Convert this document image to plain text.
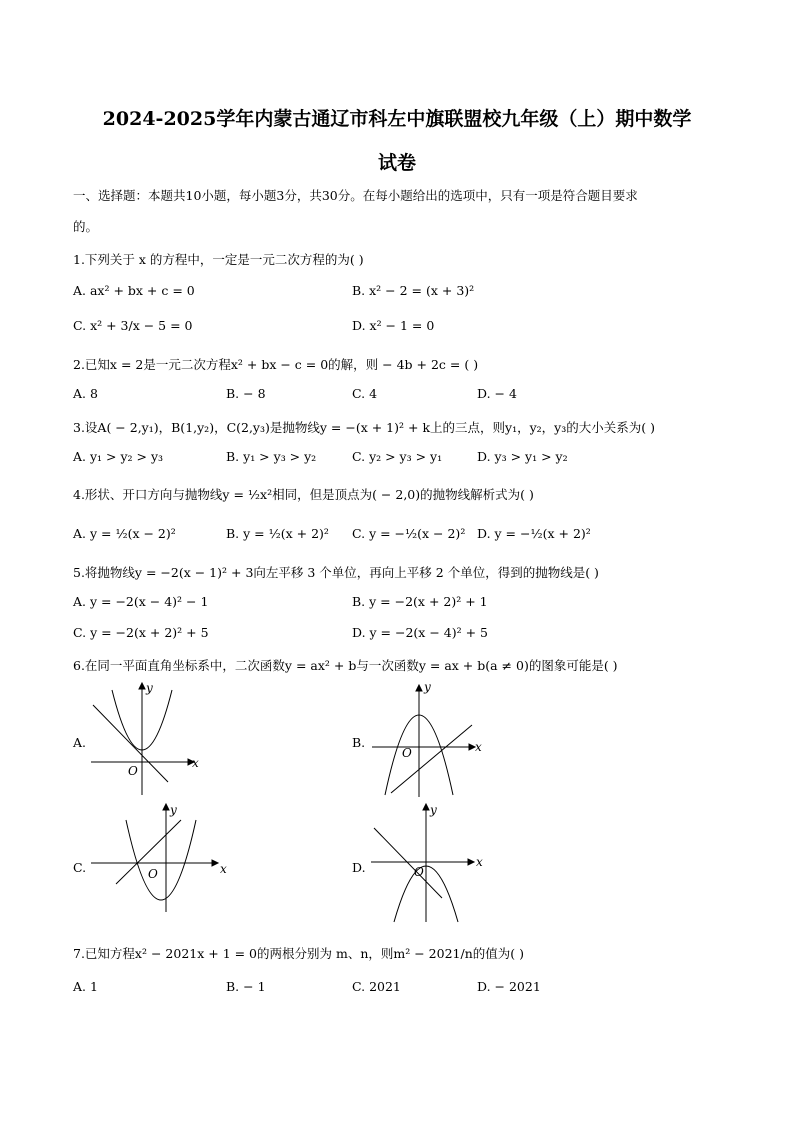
2024-2025学年内蒙古通辽市科左中旗联盟校九年级（上）期中数学
试卷
一、选择题：本题共10小题，每小题3分，共30分。在每小题给出的选项中，只有一项是符合题目要求
的。
1.下列关于 x 的方程中，一定是一元二次方程的为( )
A. ax² + bx + c = 0	B. x² − 2 = (x + 3)²
C. x² + 3/x − 5 = 0	D. x² − 1 = 0
2.已知x = 2是一元二次方程x² + bx − c = 0的解，则 − 4b + 2c = ( )
A. 8	B. − 8	C. 4	D. − 4
3.设A( − 2,y₁)，B(1,y₂)，C(2,y₃)是抛物线y = −(x + 1)² + k上的三点，则y₁，y₂，y₃的大小关系为( )
A. y₁ > y₂ > y₃	B. y₁ > y₃ > y₂	C. y₂ > y₃ > y₁	D. y₃ > y₁ > y₂
4.形状、开口方向与抛物线y = ½x²相同，但是顶点为( − 2,0)的抛物线解析式为( )
A. y = ½(x − 2)²	B. y = ½(x + 2)² C. y = −½(x − 2)² D. y = −½(x + 2)²
5.将抛物线y = −2(x − 1)² + 3向左平移 3 个单位，再向上平移 2 个单位，得到的抛物线是( )
A. y = −2(x − 4)² − 1	B. y = −2(x + 2)² + 1
C. y = −2(x + 2)² + 5	D. y = −2(x − 4)² + 5
6.在同一平面直角坐标系中，二次函数y = ax² + b与一次函数y = ax + b(a ≠ 0)的图象可能是( )
A.	B.
C.	D.
x
y
O
x
y
O
x
y
O
x
y
O
7.已知方程x² − 2021x + 1 = 0的两根分别为 m、n，则m² − 2021/n的值为( )
A. 1	B. − 1	C. 2021	D. − 2021
